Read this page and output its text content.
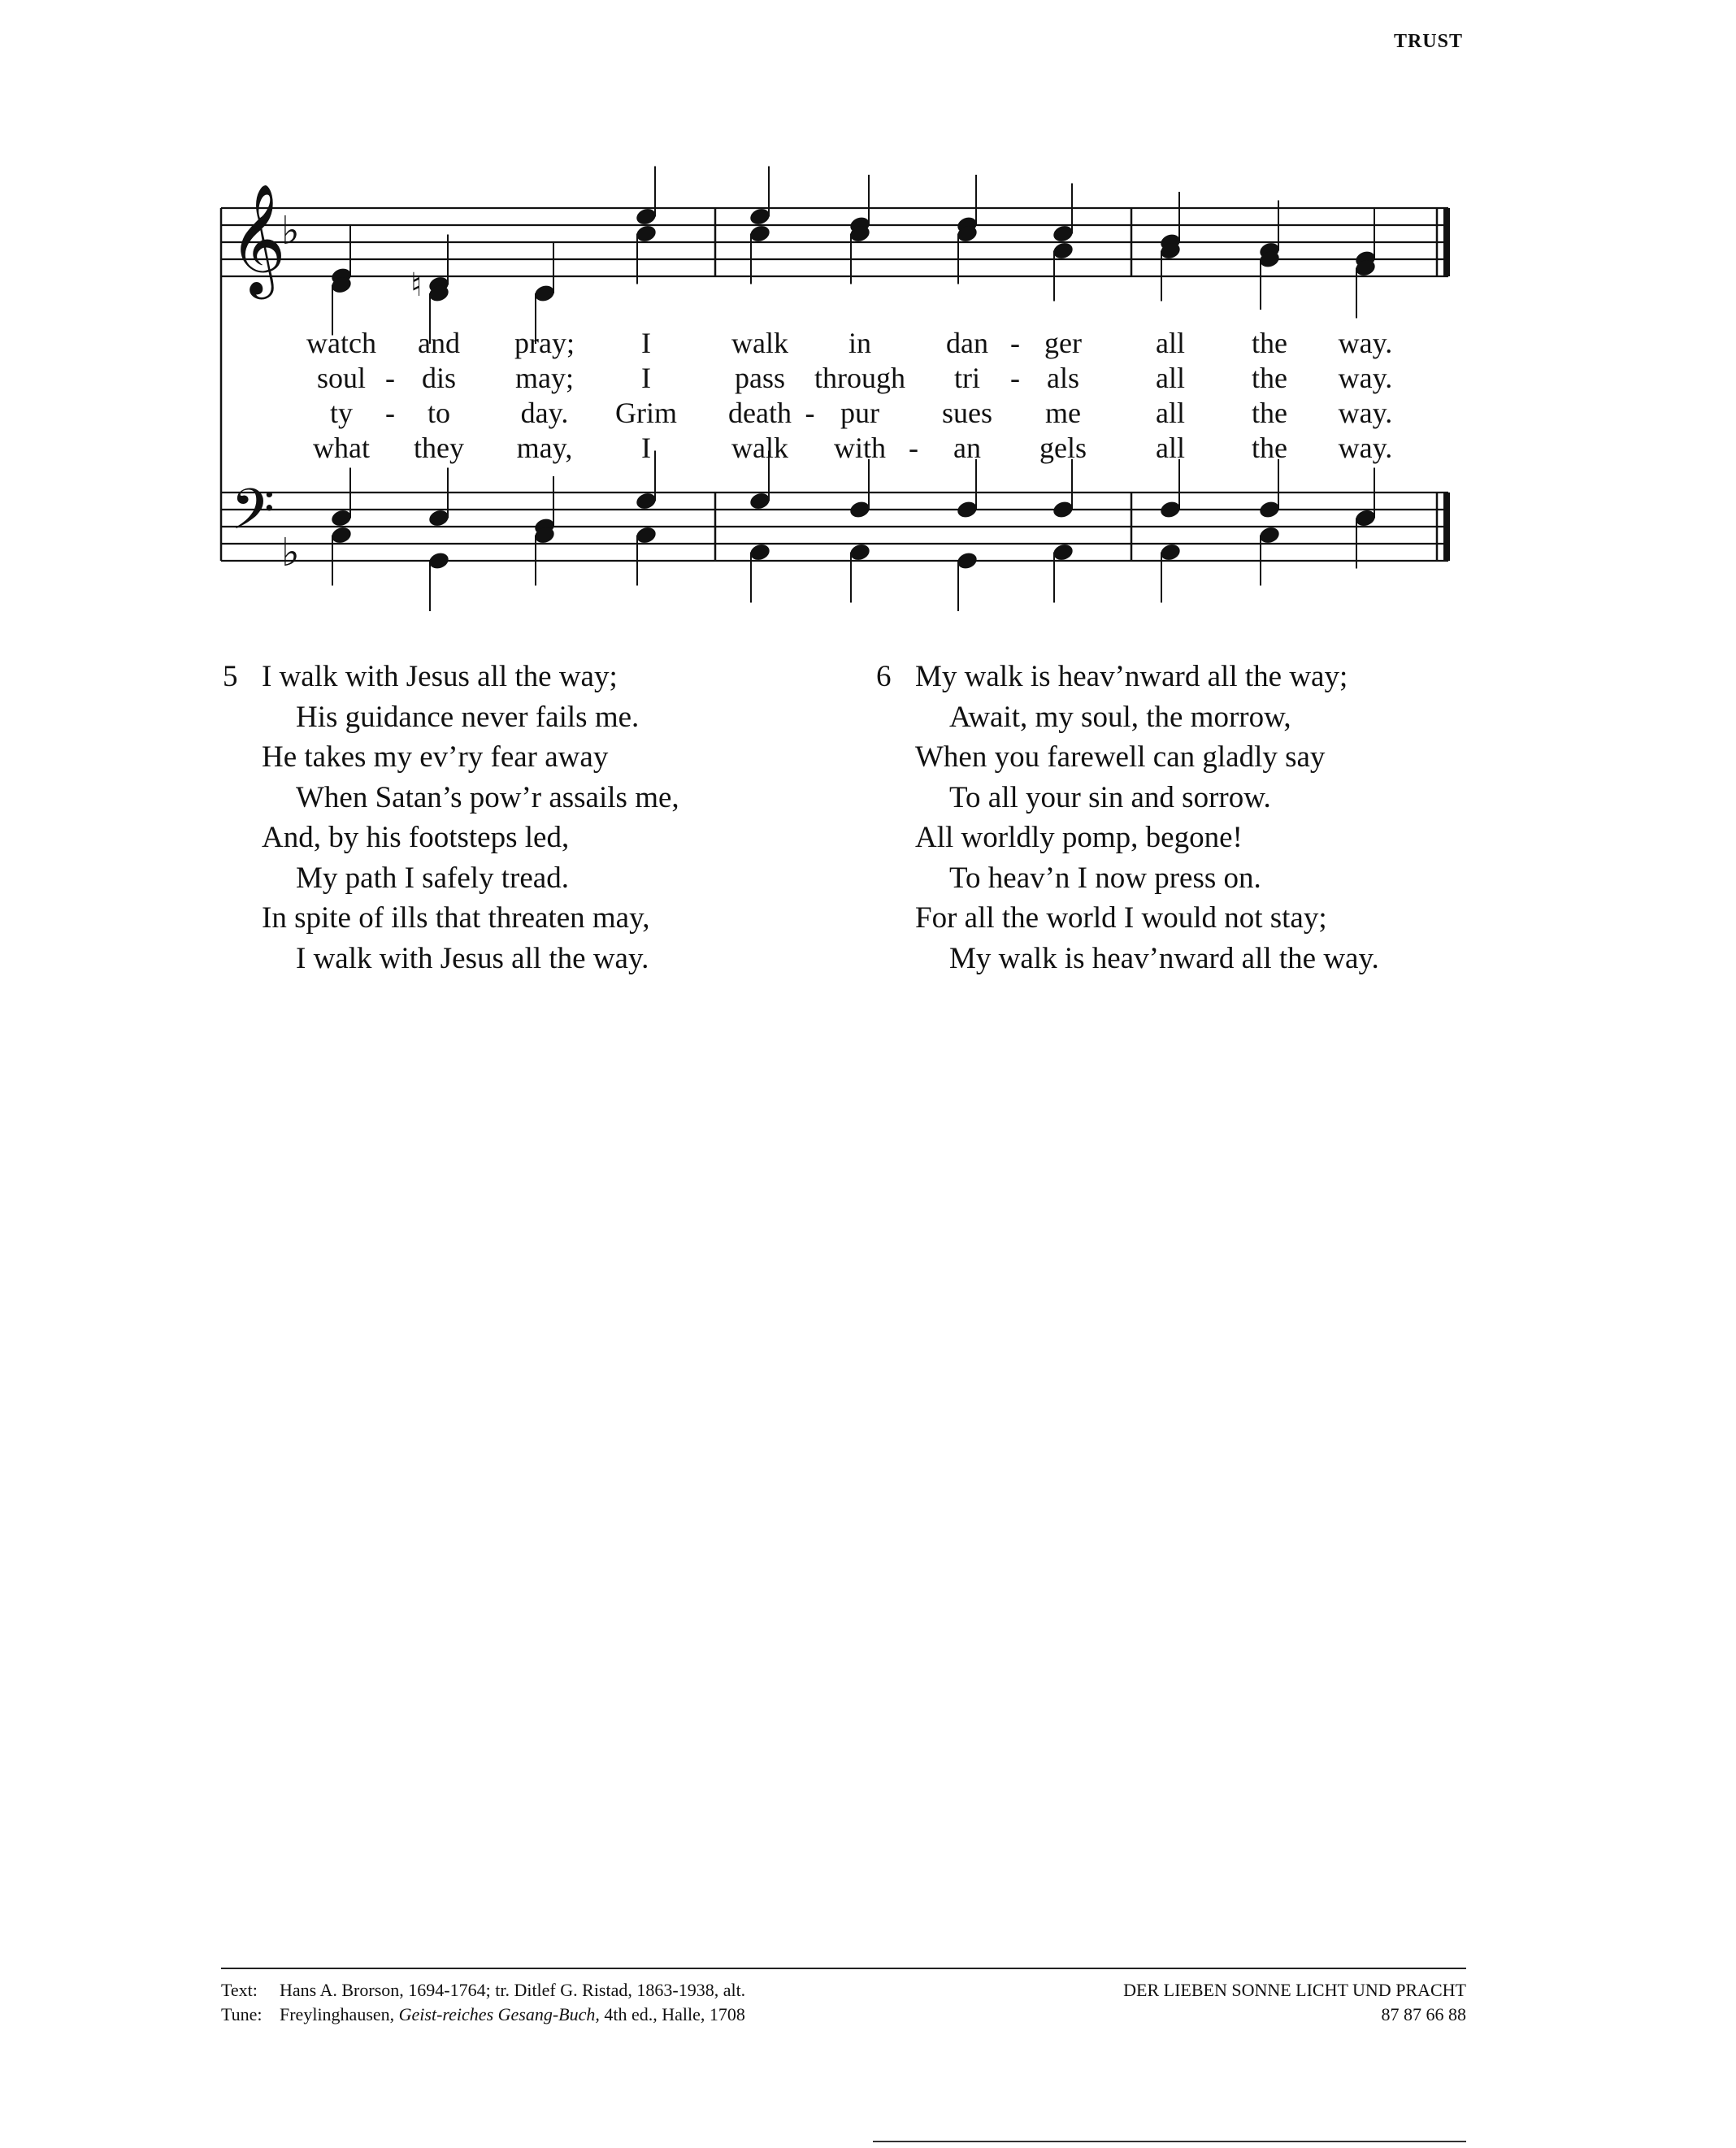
TRUST
𝄞
♭
♮
𝄢 ♭
watch	and	pray;	I	walk	in	dan	ger	all	the	way.
-
soul	dis	may;	I	pass	through	tri	als	all	the	way.
-	-
ty	to	day.	Grim	death	pur	sues	me	all	the	way.
-	-
what	they	may,	I	walk	with	an	gels	all	the	way.
-
5 I walk with Jesus all the way;
His guidance never fails me.
He takes my ev’ry fear away
When Satan’s pow’r assails me,
And, by his footsteps led,
My path I safely tread.
In spite of ills that threaten may,
I walk with Jesus all the way.
6 My walk is heav’nward all the way;
Await, my soul, the morrow,
When you farewell can gladly say
To all your sin and sorrow.
All worldly pomp, begone!
To heav’n I now press on.
For all the world I would not stay;
My walk is heav’nward all the way.
Text: Hans A. Brorson, 1694-1764; tr. Ditlef G. Ristad, 1863-1938, alt.
Tune: Freylinghausen, Geist-reiches Gesang-Buch, 4th ed., Halle, 1708
DER LIEBEN SONNE LICHT UND PRACHT
87 87 66 88
